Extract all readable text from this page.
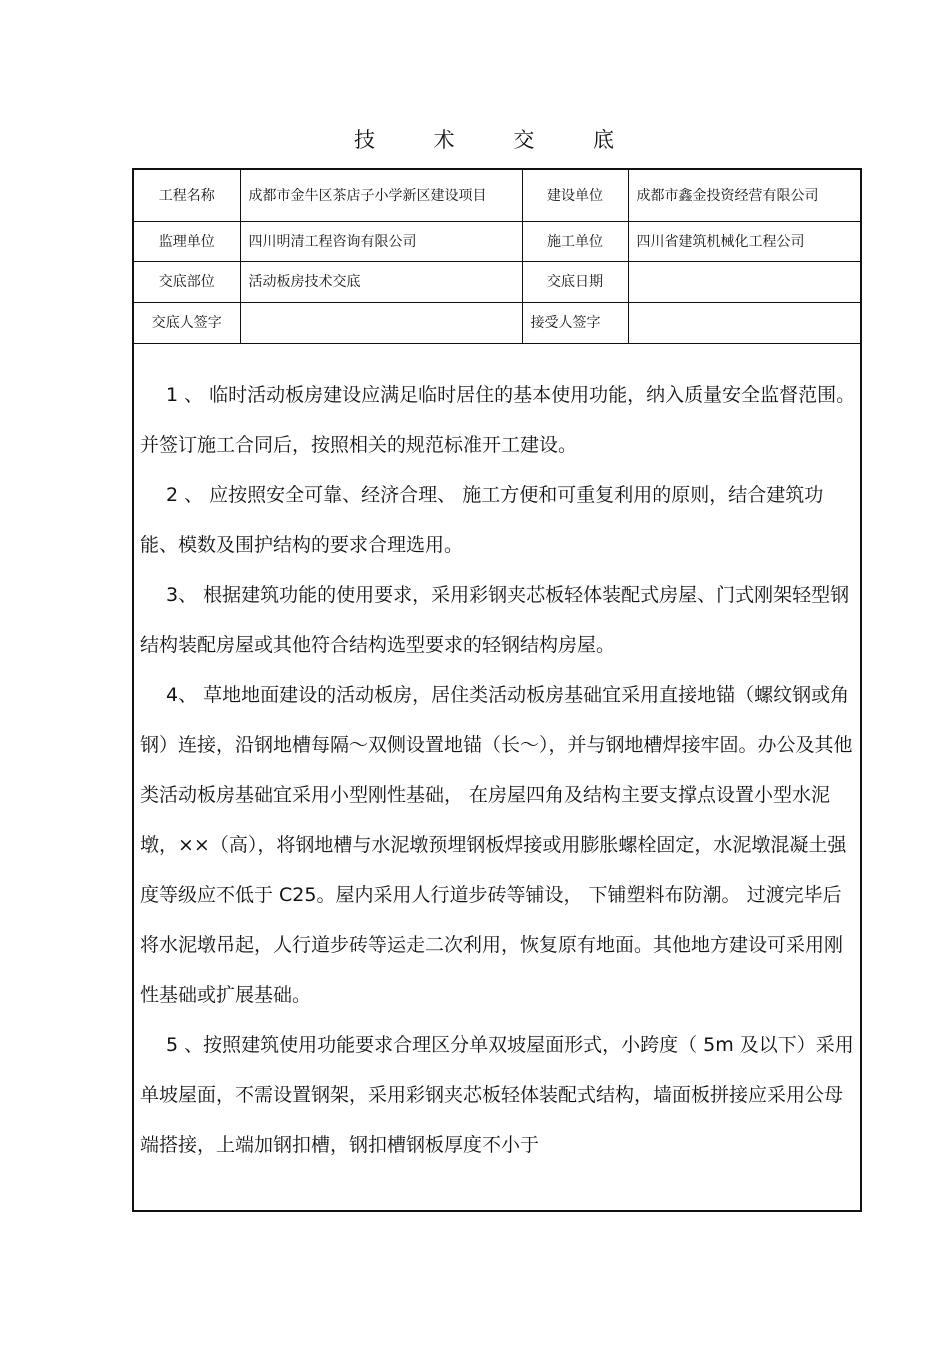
技 术 交 底
工程名称	成都市金牛区茶店子小学新区建设项目	建设单位	成都市鑫金投资经营有限公司
监理单位	四川明清工程咨询有限公司	施工单位	四川省建筑机械化工程公司
交底部位	活动板房技术交底	交底日期	
交底人签字		接受人签字	

1 、 临时活动板房建设应满足临时居住的基本使用功能，纳入质量安全监督范围。并签订施工合同后，按照相关的规范标准开工建设。

2 、 应按照安全可靠、经济合理、 施工方便和可重复利用的原则，结合建筑功能、模数及围护结构的要求合理选用。

3、 根据建筑功能的使用要求，采用彩钢夹芯板轻体装配式房屋、门式刚架轻型钢结构装配房屋或其他符合结构选型要求的轻钢结构房屋。

4、 草地地面建设的活动板房，居住类活动板房基础宜采用直接地锚（螺纹钢或角钢）连接，沿钢地槽每隔～双侧设置地锚（长～），并与钢地槽焊接牢固。办公及其他类活动板房基础宜采用小型刚性基础， 在房屋四角及结构主要支撑点设置小型水泥墩，××（高），将钢地槽与水泥墩预埋钢板焊接或用膨胀螺栓固定，水泥墩混凝土强度等级应不低于 C25。屋内采用人行道步砖等铺设， 下铺塑料布防潮。 过渡完毕后将水泥墩吊起，人行道步砖等运走二次利用，恢复原有地面。其他地方建设可采用刚性基础或扩展基础。

5 、按照建筑使用功能要求合理区分单双坡屋面形式，小跨度（ 5m 及以下）采用单坡屋面，不需设置钢架，采用彩钢夹芯板轻体装配式结构，墙面板拼接应采用公母端搭接，上端加钢扣槽，钢扣槽钢板厚度不小于
